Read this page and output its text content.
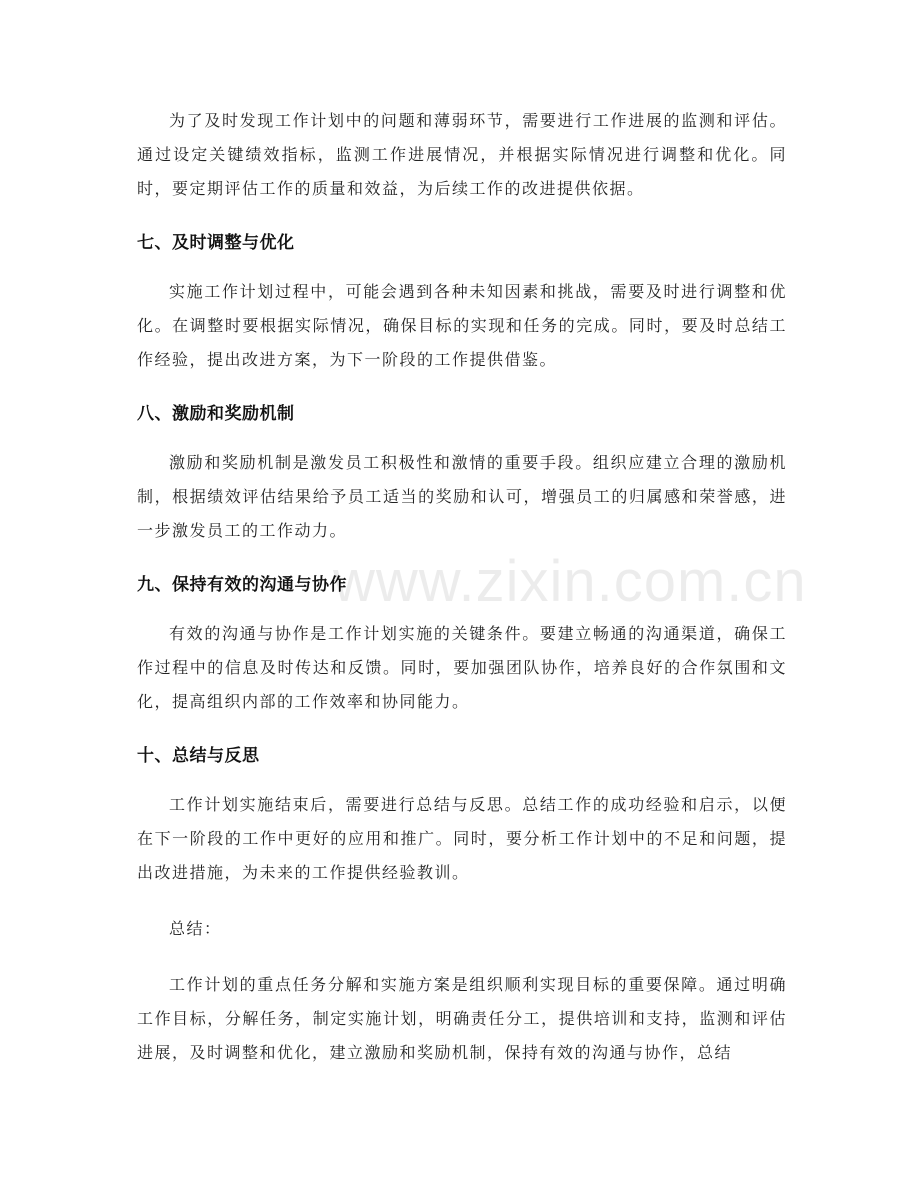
为了及时发现工作计划中的问题和薄弱环节，需要进行工作进展的监测和评估。通过设定关键绩效指标，监测工作进展情况，并根据实际情况进行调整和优化。同时，要定期评估工作的质量和效益，为后续工作的改进提供依据。

七、及时调整与优化

实施工作计划过程中，可能会遇到各种未知因素和挑战，需要及时进行调整和优化。在调整时要根据实际情况，确保目标的实现和任务的完成。同时，要及时总结工作经验，提出改进方案，为下一阶段的工作提供借鉴。

八、激励和奖励机制

激励和奖励机制是激发员工积极性和激情的重要手段。组织应建立合理的激励机制，根据绩效评估结果给予员工适当的奖励和认可，增强员工的归属感和荣誉感，进一步激发员工的工作动力。

九、保持有效的沟通与协作

有效的沟通与协作是工作计划实施的关键条件。要建立畅通的沟通渠道，确保工作过程中的信息及时传达和反馈。同时，要加强团队协作，培养良好的合作氛围和文化，提高组织内部的工作效率和协同能力。

十、总结与反思

工作计划实施结束后，需要进行总结与反思。总结工作的成功经验和启示，以便在下一阶段的工作中更好的应用和推广。同时，要分析工作计划中的不足和问题，提出改进措施，为未来的工作提供经验教训。

总结：

工作计划的重点任务分解和实施方案是组织顺利实现目标的重要保障。通过明确工作目标，分解任务，制定实施计划，明确责任分工，提供培训和支持，监测和评估进展，及时调整和优化，建立激励和奖励机制，保持有效的沟通与协作，总结

www.zixin.com.cn
